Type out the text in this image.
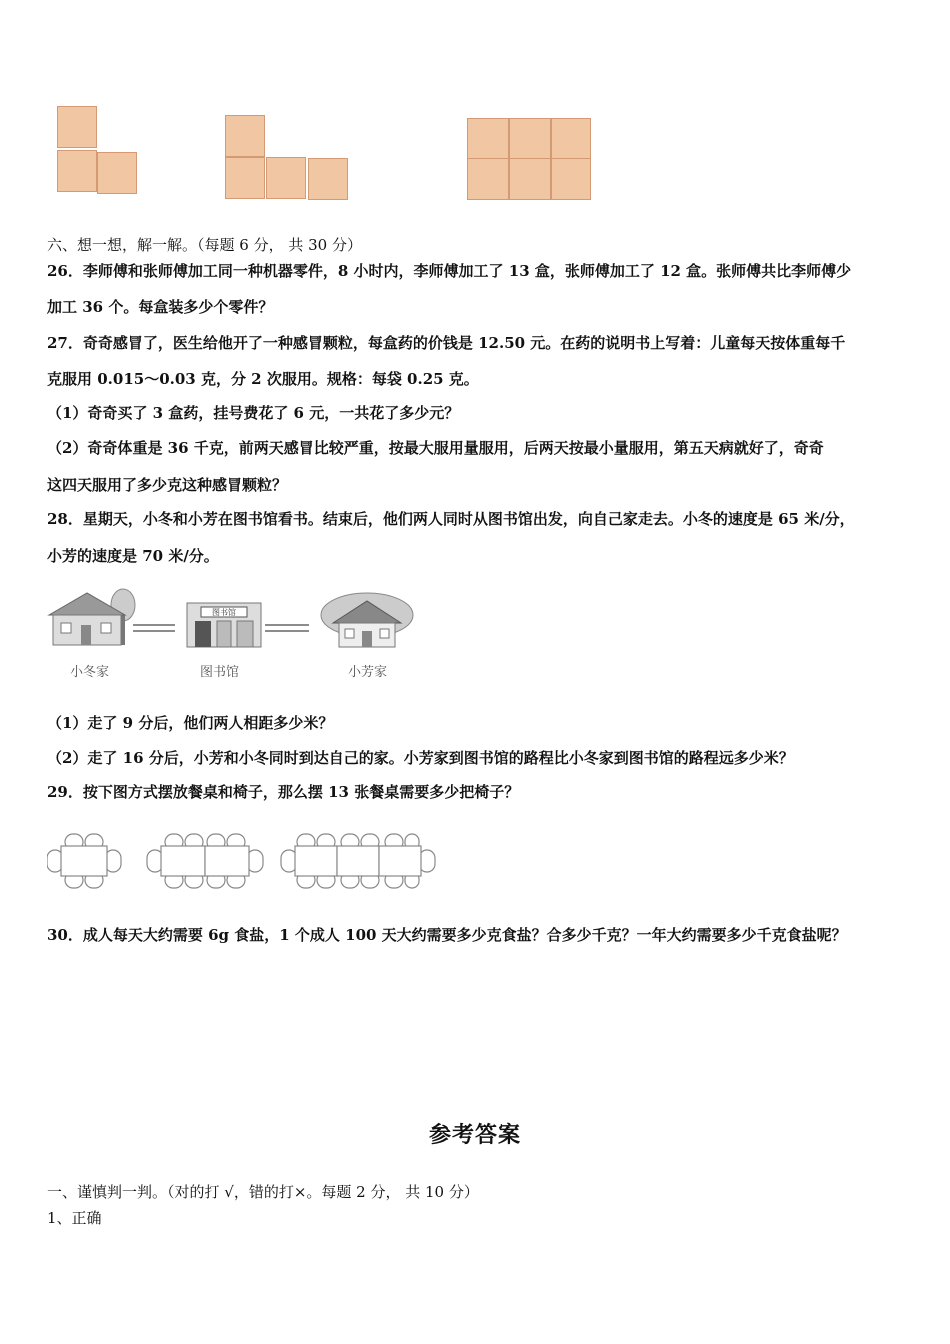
六、想一想，解一解。（每题 6 分， 共 30 分）
26．李师傅和张师傅加工同一种机器零件，8 小时内，李师傅加工了 13 盒，张师傅加工了 12 盒。张师傅共比李师傅少
加工 36 个。每盒装多少个零件？
27．奇奇感冒了，医生给他开了一种感冒颗粒，每盒药的价钱是 12.50 元。在药的说明书上写着：儿童每天按体重每千
克服用 0.015～0.03 克，分 2 次服用。规格：每袋 0.25 克。
（1）奇奇买了 3 盒药，挂号费花了 6 元，一共花了多少元？
（2）奇奇体重是 36 千克，前两天感冒比较严重，按最大服用量服用，后两天按最小量服用，第五天病就好了，奇奇
这四天服用了多少克这种感冒颗粒？
28．星期天，小冬和小芳在图书馆看书。结束后，他们两人同时从图书馆出发，向自己家走去。小冬的速度是 65 米/分，
小芳的速度是 70 米/分。
图书馆
小冬家	图书馆	小芳家
（1）走了 9 分后，他们两人相距多少米？
（2）走了 16 分后，小芳和小冬同时到达自己的家。小芳家到图书馆的路程比小冬家到图书馆的路程远多少米？
29．按下图方式摆放餐桌和椅子，那么摆 13 张餐桌需要多少把椅子？
30．成人每天大约需要 6g 食盐，1 个成人 100 天大约需要多少克食盐？合多少千克？一年大约需要多少千克食盐呢？
参考答案
一、谨慎判一判。（对的打 √，错的打×。每题 2 分， 共 10 分）
1、正确
